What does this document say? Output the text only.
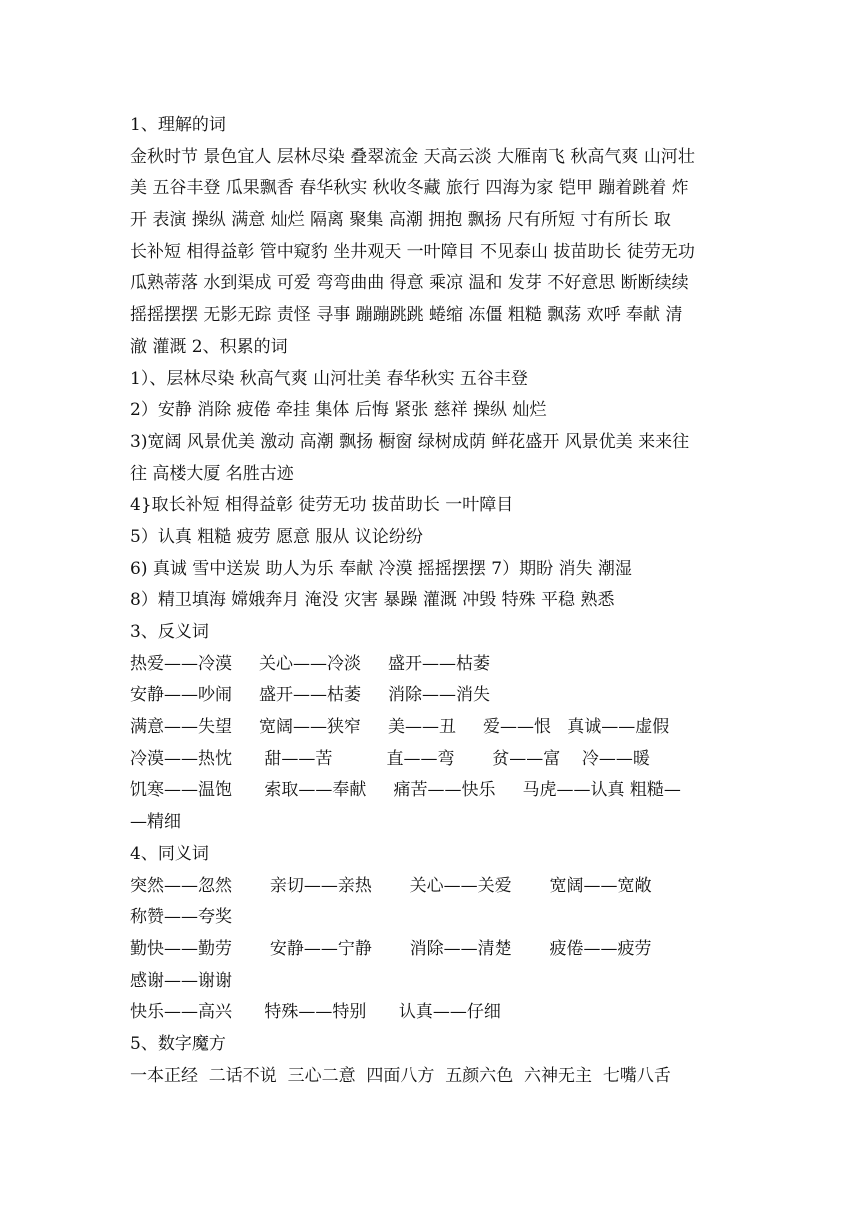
1、理解的词
金秋时节 景色宜人 层林尽染 叠翠流金 天高云淡 大雁南飞 秋高气爽 山河壮
美 五谷丰登 瓜果飘香 春华秋实 秋收冬藏 旅行 四海为家 铠甲 蹦着跳着 炸
开 表演 操纵 满意 灿烂 隔离 聚集 高潮 拥抱 飘扬 尺有所短 寸有所长 取
长补短 相得益彰 管中窥豹 坐井观天 一叶障目 不见泰山 拔苗助长 徒劳无功
瓜熟蒂落 水到渠成 可爱 弯弯曲曲 得意 乘凉 温和 发芽 不好意思 断断续续
摇摇摆摆 无影无踪 责怪 寻事 蹦蹦跳跳 蜷缩 冻僵 粗糙 飘荡 欢呼 奉献 清
澈 灌溉 2、积累的词
1）、层林尽染 秋高气爽 山河壮美 春华秋实 五谷丰登
2）安静 消除 疲倦 牵挂 集体 后悔 紧张 慈祥 操纵 灿烂
3)宽阔 风景优美 激动 高潮 飘扬 橱窗 绿树成荫 鲜花盛开 风景优美 来来往
往 高楼大厦 名胜古迹
4}取长补短 相得益彰 徒劳无功 拔苗助长 一叶障目
5）认真 粗糙 疲劳 愿意 服从 议论纷纷
6) 真诚 雪中送炭 助人为乐 奉献 冷漠 摇摇摆摆 7）期盼 消失 潮湿
8）精卫填海 嫦娥奔月 淹没 灾害 暴躁 灌溉 冲毁 特殊 平稳 熟悉
3、反义词
热爱——冷漠     关心——冷淡     盛开——枯萎
安静——吵闹     盛开——枯萎     消除——消失
满意——失望     宽阔——狭窄     美——丑     爱——恨   真诚——虚假
冷漠——热忱      甜——苦          直——弯       贫——富    冷——暖
饥寒——温饱      索取——奉献     痛苦——快乐     马虎——认真 粗糙—
—精细
4、同义词
突然——忽然       亲切——亲热       关心——关爱       宽阔——宽敞
称赞——夸奖
勤快——勤劳       安静——宁静       消除——清楚       疲倦——疲劳
感谢——谢谢
快乐——高兴      特殊——特别      认真——仔细
5、数字魔方
一本正经  二话不说  三心二意  四面八方  五颜六色  六神无主  七嘴八舌
